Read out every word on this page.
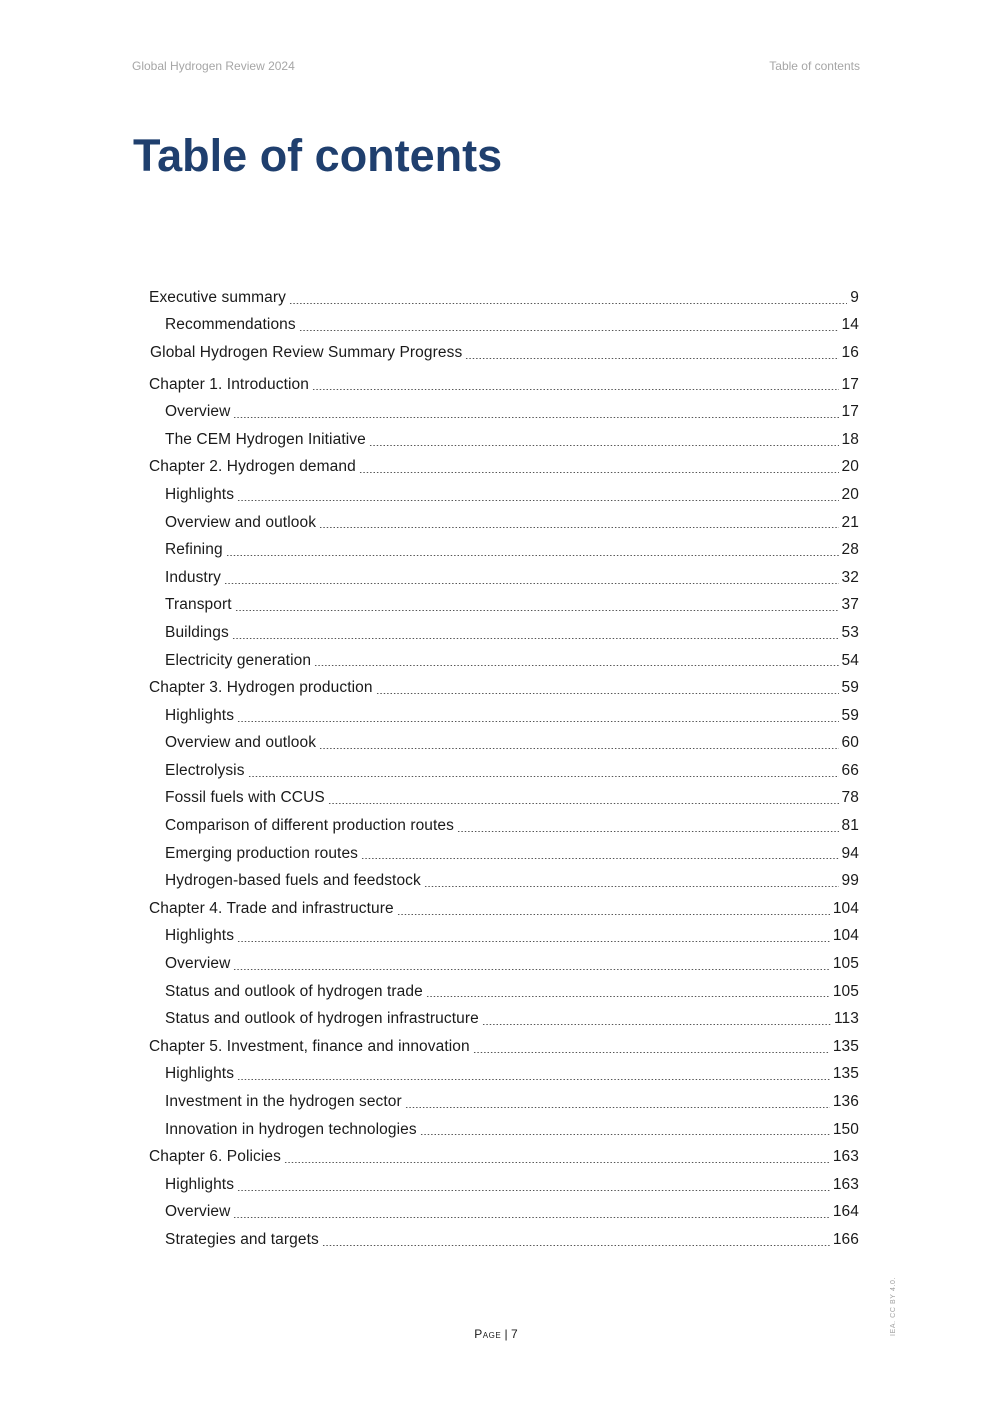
Global Hydrogen Review 2024	Table of contents
Table of contents
Executive summary	9
Recommendations	14
Global Hydrogen Review Summary Progress	16
Chapter 1. Introduction	17
Overview	17
The CEM Hydrogen Initiative	18
Chapter 2. Hydrogen demand	20
Highlights	20
Overview and outlook	21
Refining	28
Industry	32
Transport	37
Buildings	53
Electricity generation	54
Chapter 3. Hydrogen production	59
Highlights	59
Overview and outlook	60
Electrolysis	66
Fossil fuels with CCUS	78
Comparison of different production routes	81
Emerging production routes	94
Hydrogen-based fuels and feedstock	99
Chapter 4. Trade and infrastructure	104
Highlights	104
Overview	105
Status and outlook of hydrogen trade	105
Status and outlook of hydrogen infrastructure	113
Chapter 5. Investment, finance and innovation	135
Highlights	135
Investment in the hydrogen sector	136
Innovation in hydrogen technologies	150
Chapter 6. Policies	163
Highlights	163
Overview	164
Strategies and targets	166
Page | 7	IEA. CC BY 4.0.
